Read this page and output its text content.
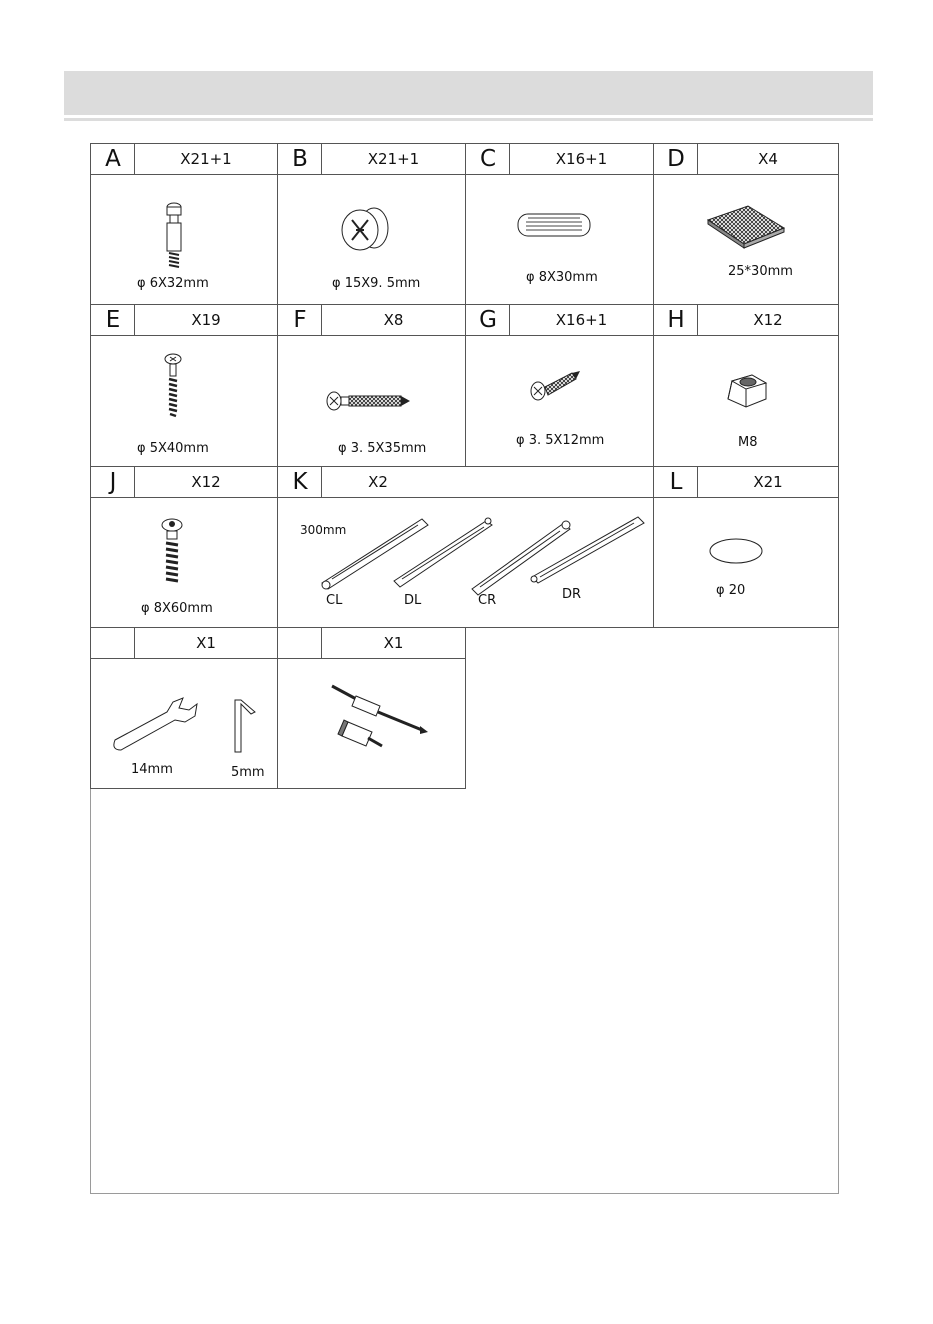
A	X21+1
φ 6X32mm
B	X21+1
φ 15X9. 5mm
C	X16+1
φ 8X30mm
D	X4
25*30mm
E	X19
φ 5X40mm
F	X8
φ 3. 5X35mm
G	X16+1
φ 3. 5X12mm
H	X12
M8
J	X12
φ 8X60mm
K	X2
300mm
CL	DL	CR	DR
L	X21
φ 20
X1
14mm	5mm
X1
